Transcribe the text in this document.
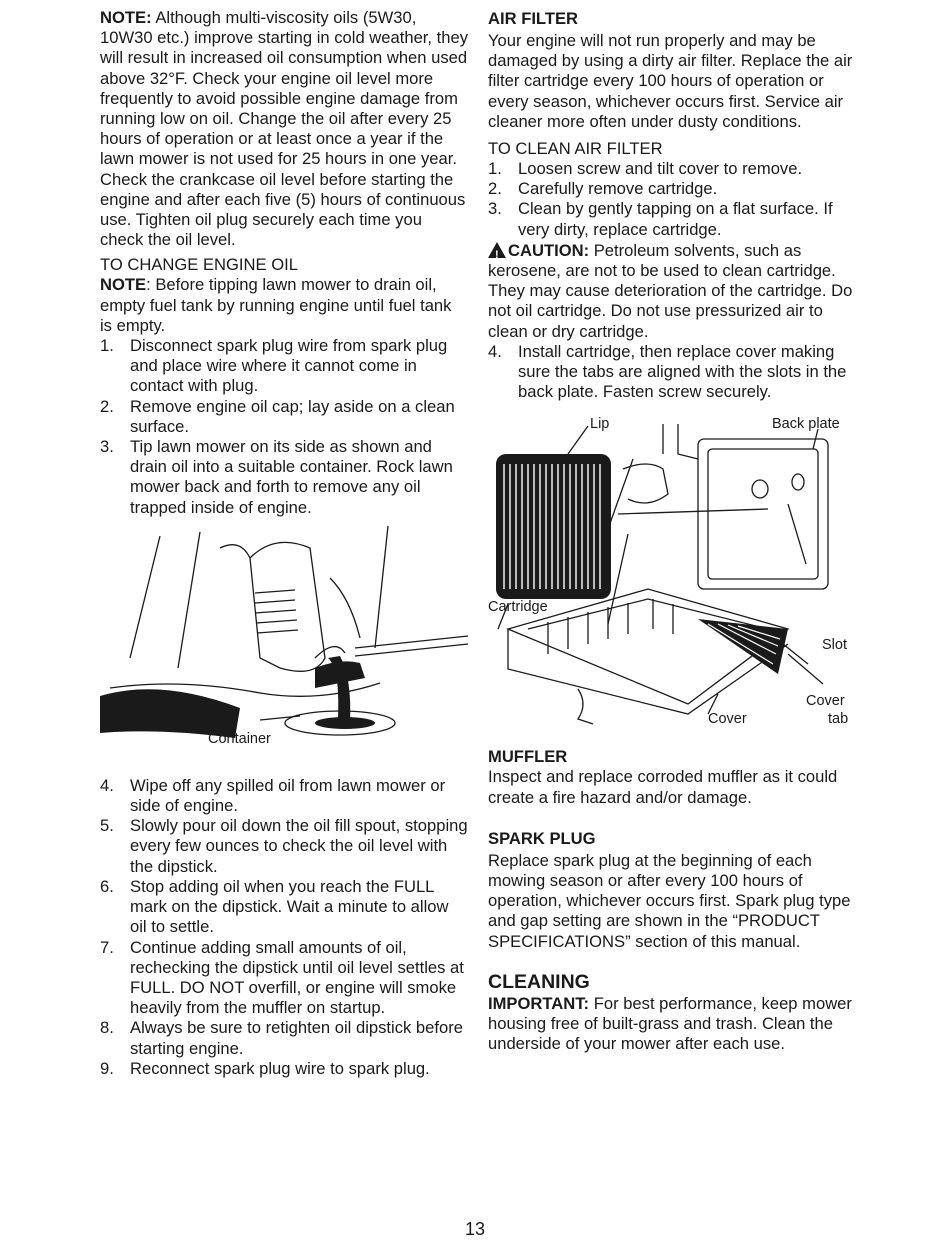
NOTE: Although multi-viscosity oils (5W30, 10W30 etc.) improve starting in cold weather, they will result in increased oil consumption when used above 32°F. Check your engine oil level more frequently to avoid possible engine damage from running low on oil. Change the oil after every 25 hours of operation or at least once a year if the lawn mower is not used for 25 hours in one year. Check the crankcase oil level before starting the engine and after each five (5) hours of continuous use. Tighten oil plug securely each time you check the oil level.

TO CHANGE ENGINE OIL

NOTE: Before tipping lawn mower to drain oil, empty fuel tank by running engine until fuel tank is empty.

1. Disconnect spark plug wire from spark plug and place wire where it cannot come in contact with plug.
2. Remove engine oil cap; lay aside on a clean surface.
3. Tip lawn mower on its side as shown and drain oil into a suitable container. Rock lawn mower back and forth to remove any oil trapped inside of engine.
Container
4. Wipe off any spilled oil from lawn mower or side of engine.
5. Slowly pour oil down the oil fill spout, stopping every few ounces to check the oil level with the dipstick.
6. Stop adding oil when you reach the FULL mark on the dipstick. Wait a minute to allow oil to settle.
7. Continue adding small amounts of oil, rechecking the dipstick until oil level settles at FULL. DO NOT overfill, or engine will smoke heavily from the muffler on startup.
8. Always be sure to retighten oil dipstick before starting engine.
9. Reconnect spark plug wire to spark plug.
AIR FILTER

Your engine will not run properly and may be damaged by using a dirty air filter. Replace the air filter cartridge every 100 hours of operation or every season, whichever occurs first. Service air cleaner more often under dusty conditions.

TO CLEAN AIR FILTER
1. Loosen screw and tilt cover to remove.
2. Carefully remove cartridge.
3. Clean by gently tapping on a flat surface. If very dirty, replace cartridge.

!CAUTION: Petroleum solvents, such as kerosene, are not to be used to clean cartridge. They may cause deterioration of the cartridge. Do not oil cartridge. Do not use pressurized air to clean or dry cartridge.

4. Install cartridge, then replace cover making sure the tabs are aligned with the slots in the back plate. Fasten screw securely.
Lip	Back plate
Cartridge
Slot
Cover
Cover
tab
MUFFLER

Inspect and replace corroded muffler as it could create a fire hazard and/or damage.

SPARK PLUG

Replace spark plug at the beginning of each mowing season or after every 100 hours of operation, whichever occurs first. Spark plug type and gap setting are shown in the “PRODUCT SPECIFICATIONS” section of this manual.

CLEANING

IMPORTANT: For best performance, keep mower housing free of built-grass and trash. Clean the underside of your mower after each use.

13
